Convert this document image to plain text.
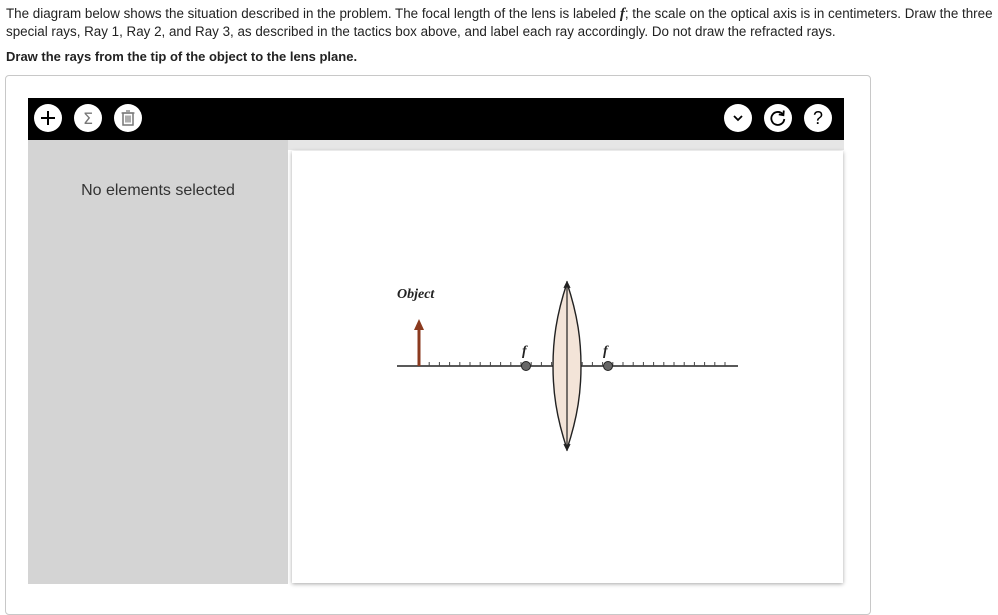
The diagram below shows the situation described in the problem. The focal length of the lens is labeled f; the scale on the optical axis is in centimeters. Draw the three special rays, Ray 1, Ray 2, and Ray 3, as described in the tactics box above, and label each ray accordingly. Do not draw the refracted rays.
Draw the rays from the tip of the object to the lens plane.
Σ	?
No elements selected
Object
f	f
